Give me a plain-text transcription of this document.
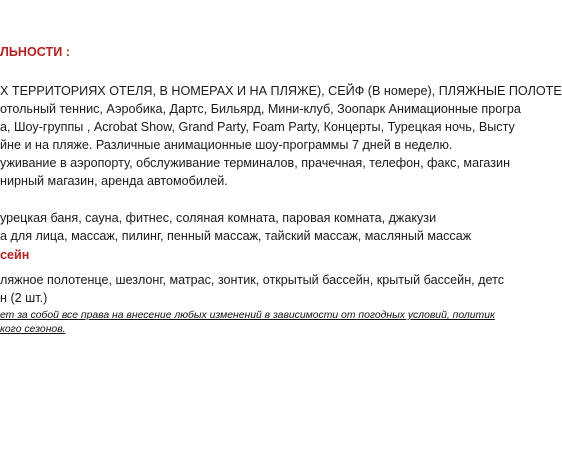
ЛЬНОСТИ :
Х ТЕРРИТОРИЯХ ОТЕЛЯ, В НОМЕРАХ И НА ПЛЯЖЕ), СЕЙФ (В номере), ПЛЯЖНЫЕ ПОЛОТЕ
отольный теннис, Аэробика, Дартс, Бильярд, Мини-клуб, Зоопарк Анимационные програ
а, Шоу-группы , Acrobat Show, Grand Party, Foam Party, Концерты, Турецкая ночь, Высту
йне и на пляже. Различные анимационные шоу-программы 7 дней в неделю.
уживание в аэропорту, обслуживание терминалов, прачечная, телефон, факс, магазин
нирный магазин, аренда автомобилей.
урецкая баня, сауна, фитнес, соляная комната, паровая комната, джакузи
а для лица, массаж, пилинг, пенный массаж, тайский массаж, масляный массаж
сейн
ляжное полотенце, шезлонг, матрас, зонтик, открытый бассейн, крытый бассейн, детс
н (2 шт.)
ет за собой все права на внесение любых изменений в зависимости от погодных условий, политик
кого сезонов.
